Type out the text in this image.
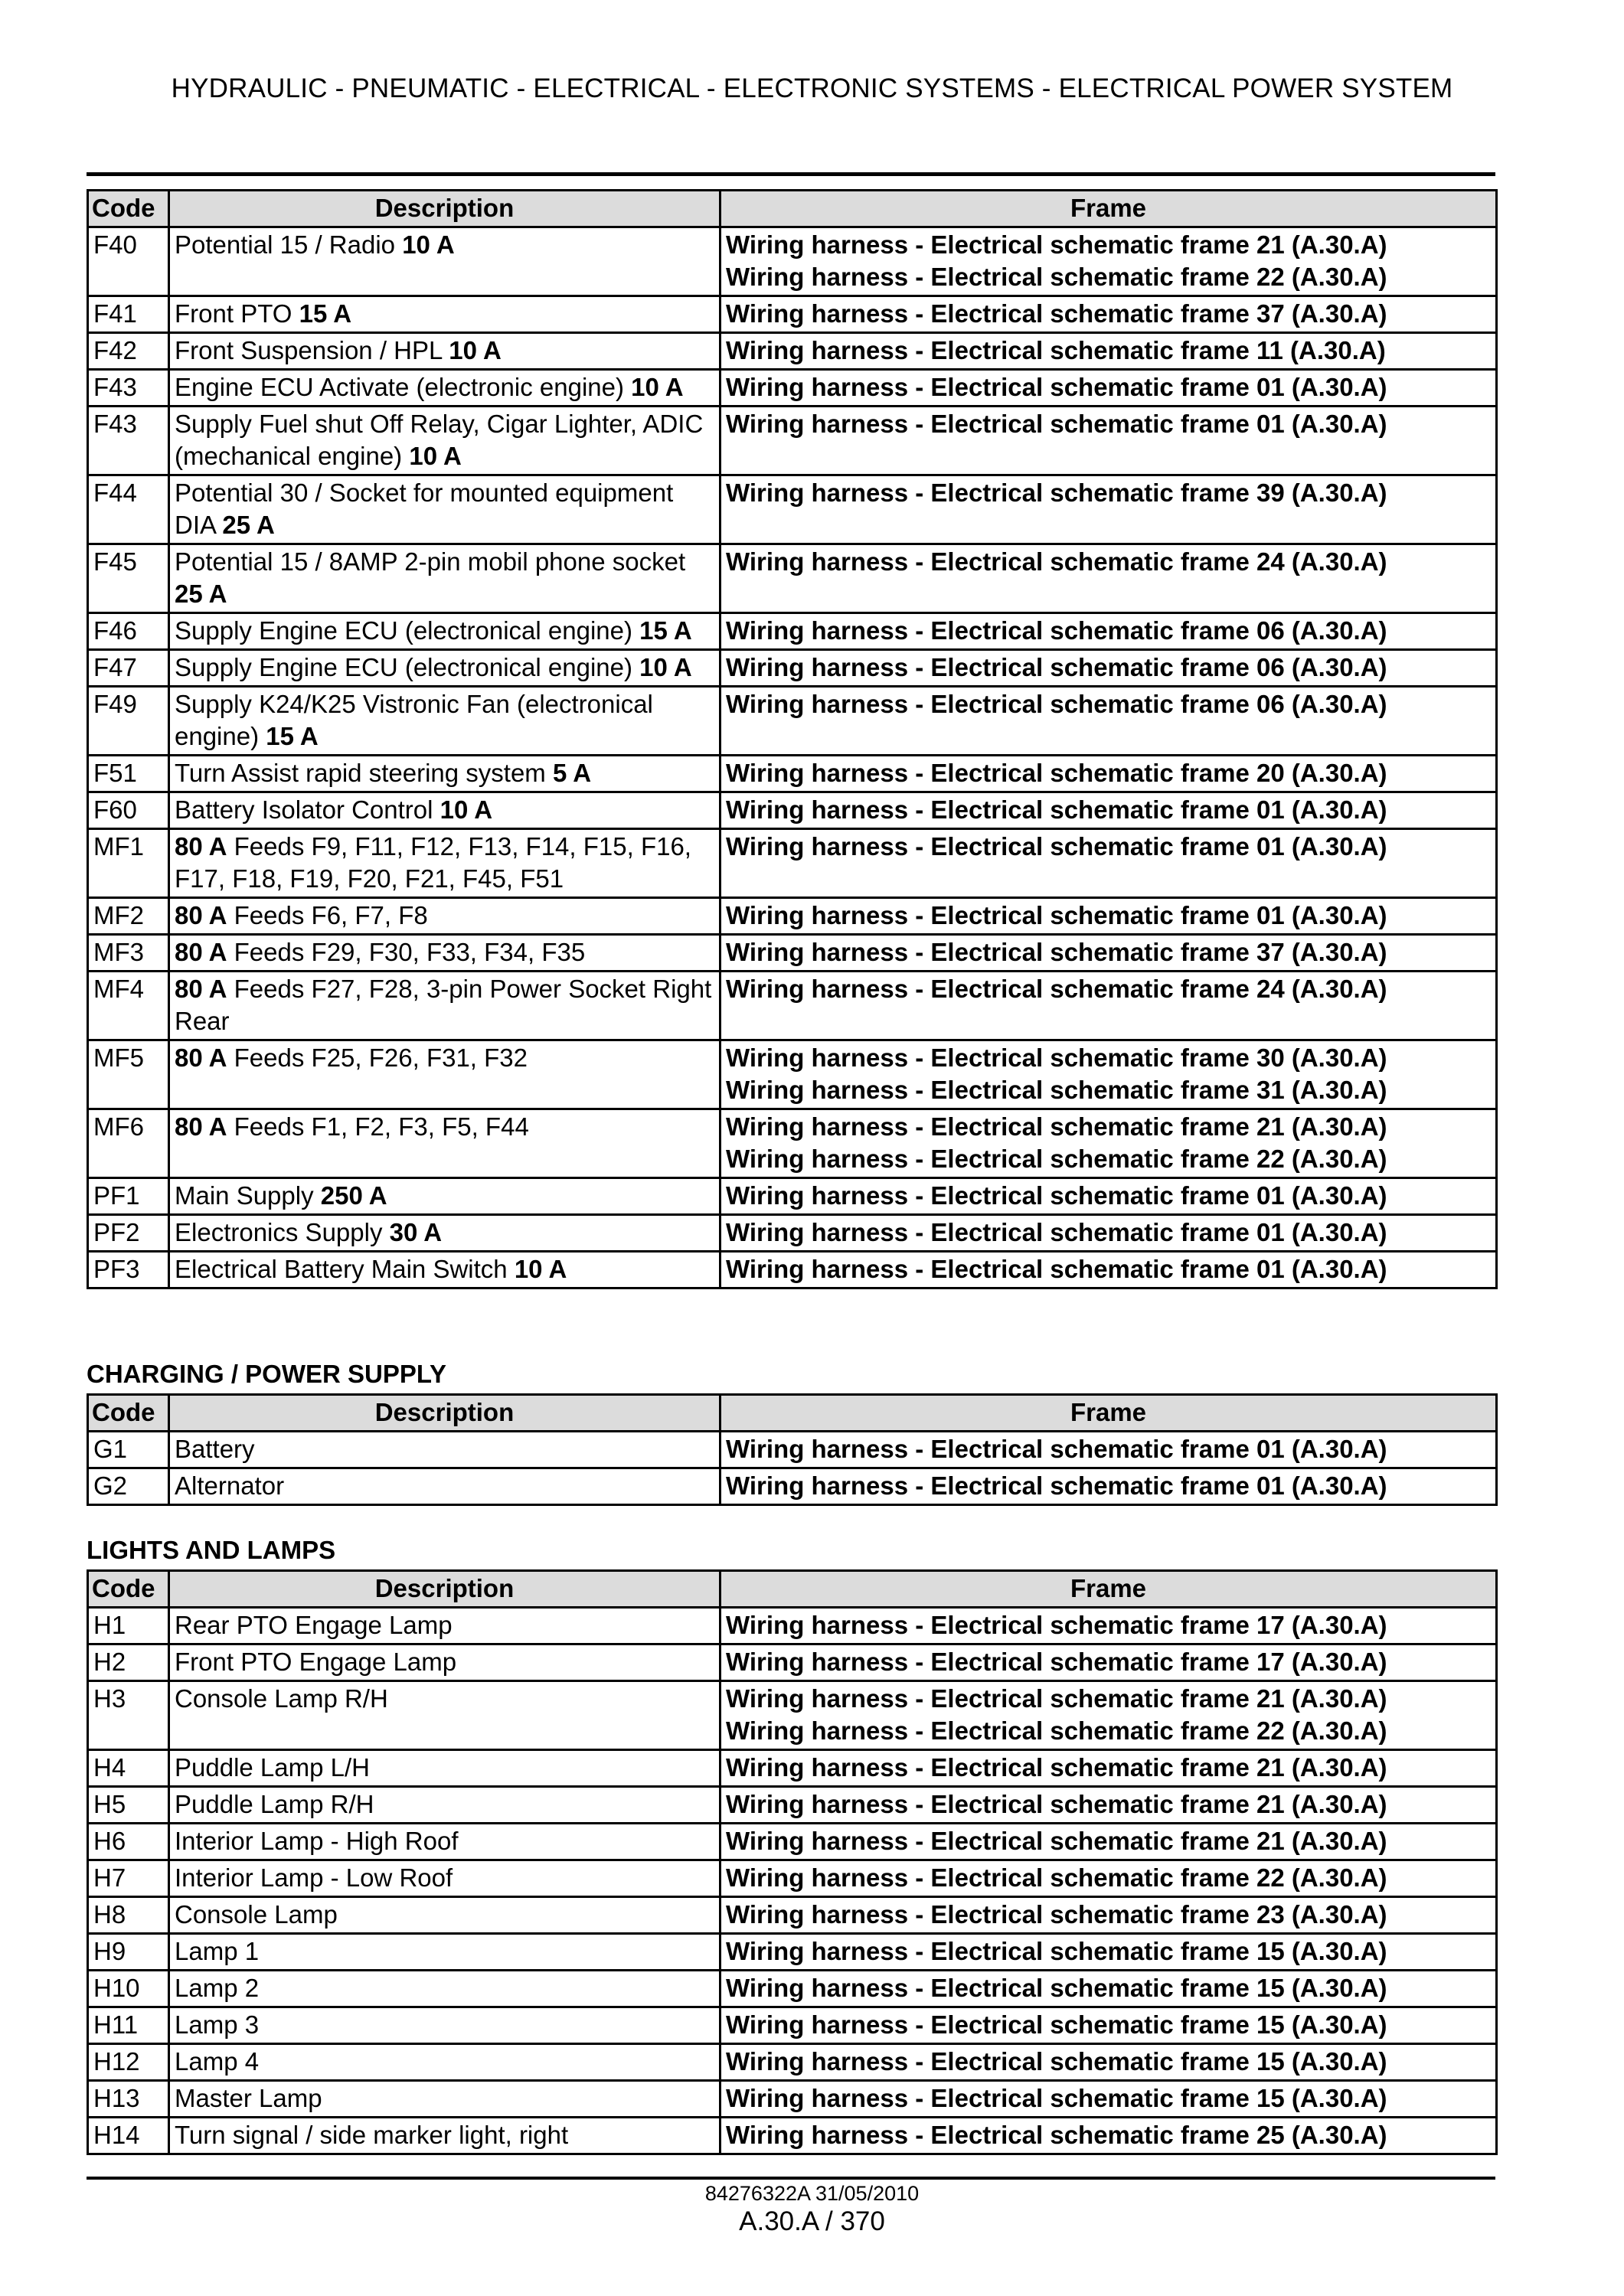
HYDRAULIC - PNEUMATIC - ELECTRICAL - ELECTRONIC SYSTEMS - ELECTRICAL POWER SYSTEM
Code	Description	Frame
F40	Potential 15 / Radio 10 A	Wiring harness - Electrical schematic frame 21 (A.30.A)
Wiring harness - Electrical schematic frame 22 (A.30.A)

F41	Front PTO 15 A	Wiring harness - Electrical schematic frame 37 (A.30.A)

F42	Front Suspension / HPL 10 A	Wiring harness - Electrical schematic frame 11 (A.30.A)

F43	Engine ECU Activate (electronic engine) 10 A	Wiring harness - Electrical schematic frame 01 (A.30.A)

F43	Supply Fuel shut Off Relay, Cigar Lighter, ADIC (mechanical engine) 10 A	Wiring harness - Electrical schematic frame 01 (A.30.A)

F44	Potential 30 / Socket for mounted equipment DIA 25 A	Wiring harness - Electrical schematic frame 39 (A.30.A)

F45	Potential 15 / 8AMP 2-pin mobil phone socket 25 A	Wiring harness - Electrical schematic frame 24 (A.30.A)

F46	Supply Engine ECU (electronical engine) 15 A	Wiring harness - Electrical schematic frame 06 (A.30.A)

F47	Supply Engine ECU (electronical engine) 10 A	Wiring harness - Electrical schematic frame 06 (A.30.A)

F49	Supply K24/K25 Vistronic Fan (electronical engine) 15 A	Wiring harness - Electrical schematic frame 06 (A.30.A)

F51	Turn Assist rapid steering system 5 A	Wiring harness - Electrical schematic frame 20 (A.30.A)

F60	Battery Isolator Control 10 A	Wiring harness - Electrical schematic frame 01 (A.30.A)

MF1	80 A Feeds F9, F11, F12, F13, F14, F15, F16, F17, F18, F19, F20, F21, F45, F51	Wiring harness - Electrical schematic frame 01 (A.30.A)

MF2	80 A Feeds F6, F7, F8	Wiring harness - Electrical schematic frame 01 (A.30.A)

MF3	80 A Feeds F29, F30, F33, F34, F35	Wiring harness - Electrical schematic frame 37 (A.30.A)

MF4	80 A Feeds F27, F28, 3-pin Power Socket Right Rear	Wiring harness - Electrical schematic frame 24 (A.30.A)

MF5	80 A Feeds F25, F26, F31, F32	Wiring harness - Electrical schematic frame 30 (A.30.A)
Wiring harness - Electrical schematic frame 31 (A.30.A)

MF6	80 A Feeds F1, F2, F3, F5, F44	Wiring harness - Electrical schematic frame 21 (A.30.A)
Wiring harness - Electrical schematic frame 22 (A.30.A)

PF1	Main Supply 250 A	Wiring harness - Electrical schematic frame 01 (A.30.A)

PF2	Electronics Supply 30 A	Wiring harness - Electrical schematic frame 01 (A.30.A)

PF3	Electrical Battery Main Switch 10 A	Wiring harness - Electrical schematic frame 01 (A.30.A)
CHARGING / POWER SUPPLY
Code	Description	Frame
G1	Battery	Wiring harness - Electrical schematic frame 01 (A.30.A)

G2	Alternator	Wiring harness - Electrical schematic frame 01 (A.30.A)
LIGHTS AND LAMPS
Code	Description	Frame
H1	Rear PTO Engage Lamp	Wiring harness - Electrical schematic frame 17 (A.30.A)

H2	Front PTO Engage Lamp	Wiring harness - Electrical schematic frame 17 (A.30.A)

H3	Console Lamp R/H	Wiring harness - Electrical schematic frame 21 (A.30.A)
Wiring harness - Electrical schematic frame 22 (A.30.A)

H4	Puddle Lamp L/H	Wiring harness - Electrical schematic frame 21 (A.30.A)

H5	Puddle Lamp R/H	Wiring harness - Electrical schematic frame 21 (A.30.A)

H6	Interior Lamp - High Roof	Wiring harness - Electrical schematic frame 21 (A.30.A)

H7	Interior Lamp - Low Roof	Wiring harness - Electrical schematic frame 22 (A.30.A)

H8	Console Lamp	Wiring harness - Electrical schematic frame 23 (A.30.A)

H9	Lamp 1	Wiring harness - Electrical schematic frame 15 (A.30.A)

H10	Lamp 2	Wiring harness - Electrical schematic frame 15 (A.30.A)

H11	Lamp 3	Wiring harness - Electrical schematic frame 15 (A.30.A)

H12	Lamp 4	Wiring harness - Electrical schematic frame 15 (A.30.A)

H13	Master Lamp	Wiring harness - Electrical schematic frame 15 (A.30.A)

H14	Turn signal / side marker light, right	Wiring harness - Electrical schematic frame 25 (A.30.A)
84276322A 31/05/2010
A.30.A / 370
